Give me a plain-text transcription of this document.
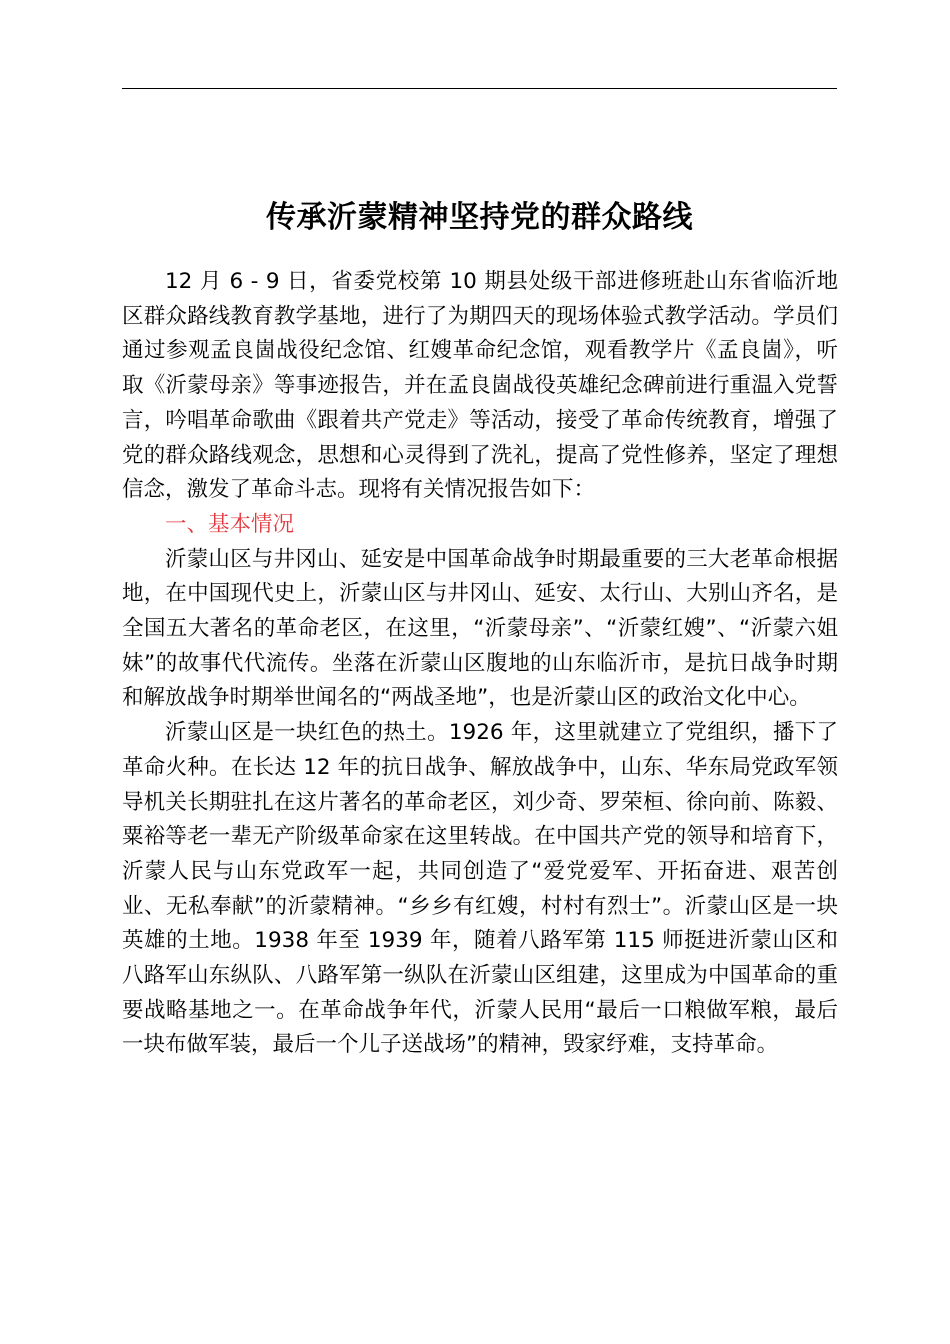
传承沂蒙精神坚持党的群众路线

12 月 6 - 9 日，省委党校第 10 期县处级干部进修班赴山东省临沂地区群众路线教育教学基地，进行了为期四天的现场体验式教学活动。学员们通过参观孟良崮战役纪念馆、红嫂革命纪念馆，观看教学片《孟良崮》，听取《沂蒙母亲》等事迹报告，并在孟良崮战役英雄纪念碑前进行重温入党誓言，吟唱革命歌曲《跟着共产党走》等活动，接受了革命传统教育，增强了党的群众路线观念，思想和心灵得到了洗礼，提高了党性修养，坚定了理想信念，激发了革命斗志。现将有关情况报告如下：

一、基本情况

沂蒙山区与井冈山、延安是中国革命战争时期最重要的三大老革命根据地，在中国现代史上，沂蒙山区与井冈山、延安、太行山、大别山齐名，是全国五大著名的革命老区，在这里，“沂蒙母亲”、“沂蒙红嫂”、“沂蒙六姐妹”的故事代代流传。坐落在沂蒙山区腹地的山东临沂市，是抗日战争时期和解放战争时期举世闻名的“两战圣地”，也是沂蒙山区的政治文化中心。

沂蒙山区是一块红色的热土。1926 年，这里就建立了党组织，播下了革命火种。在长达 12 年的抗日战争、解放战争中，山东、华东局党政军领导机关长期驻扎在这片著名的革命老区，刘少奇、罗荣桓、徐向前、陈毅、粟裕等老一辈无产阶级革命家在这里转战。在中国共产党的领导和培育下，沂蒙人民与山东党政军一起，共同创造了“爱党爱军、开拓奋进、艰苦创业、无私奉献”的沂蒙精神。“乡乡有红嫂，村村有烈士”。沂蒙山区是一块英雄的土地。1938 年至 1939 年，随着八路军第 115 师挺进沂蒙山区和八路军山东纵队、八路军第一纵队在沂蒙山区组建，这里成为中国革命的重要战略基地之一。在革命战争年代，沂蒙人民用“最后一口粮做军粮，最后一块布做军装，最后一个儿子送战场”的精神，毁家纾难，支持革命。
